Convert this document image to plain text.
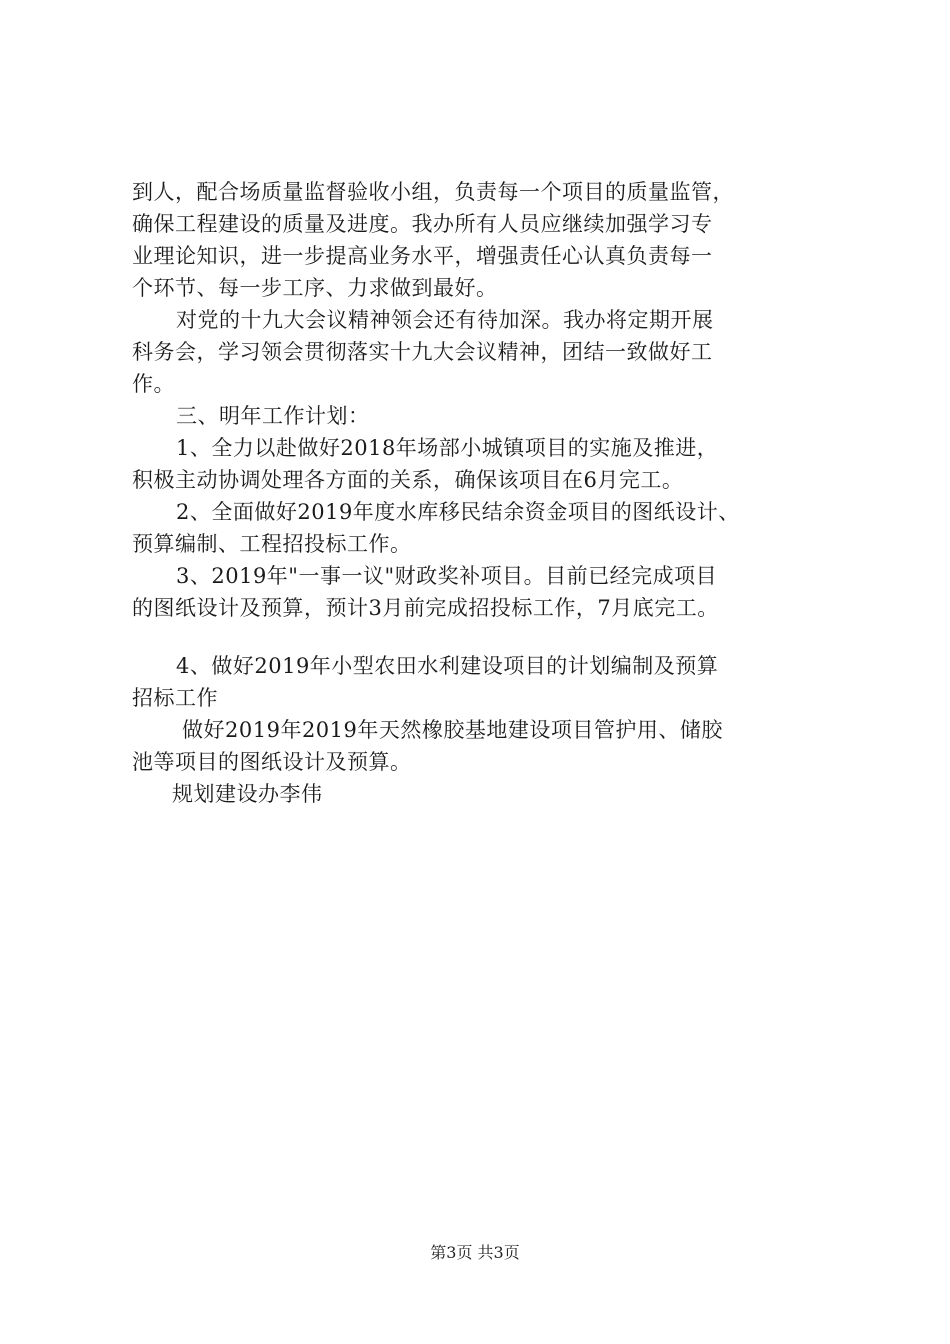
到人，配合场质量监督验收小组，负责每一个项目的质量监管，
确保工程建设的质量及进度。我办所有人员应继续加强学习专
业理论知识，进一步提高业务水平，增强责任心认真负责每一
个环节、每一步工序、力求做到最好。
对党的十九大会议精神领会还有待加深。我办将定期开展
科务会，学习领会贯彻落实十九大会议精神，团结一致做好工
作。
三、明年工作计划：
1、全力以赴做好2018年场部小城镇项目的实施及推进，
积极主动协调处理各方面的关系，确保该项目在6月完工。
2、全面做好2019年度水库移民结余资金项目的图纸设计、
预算编制、工程招投标工作。
3、2019年"一事一议"财政奖补项目。目前已经完成项目
的图纸设计及预算，预计3月前完成招投标工作，7月底完工。
4、做好2019年小型农田水利建设项目的计划编制及预算
招标工作
做好2019年2019年天然橡胶基地建设项目管护用、储胶
池等项目的图纸设计及预算。
规划建设办李伟
第3页 共3页
